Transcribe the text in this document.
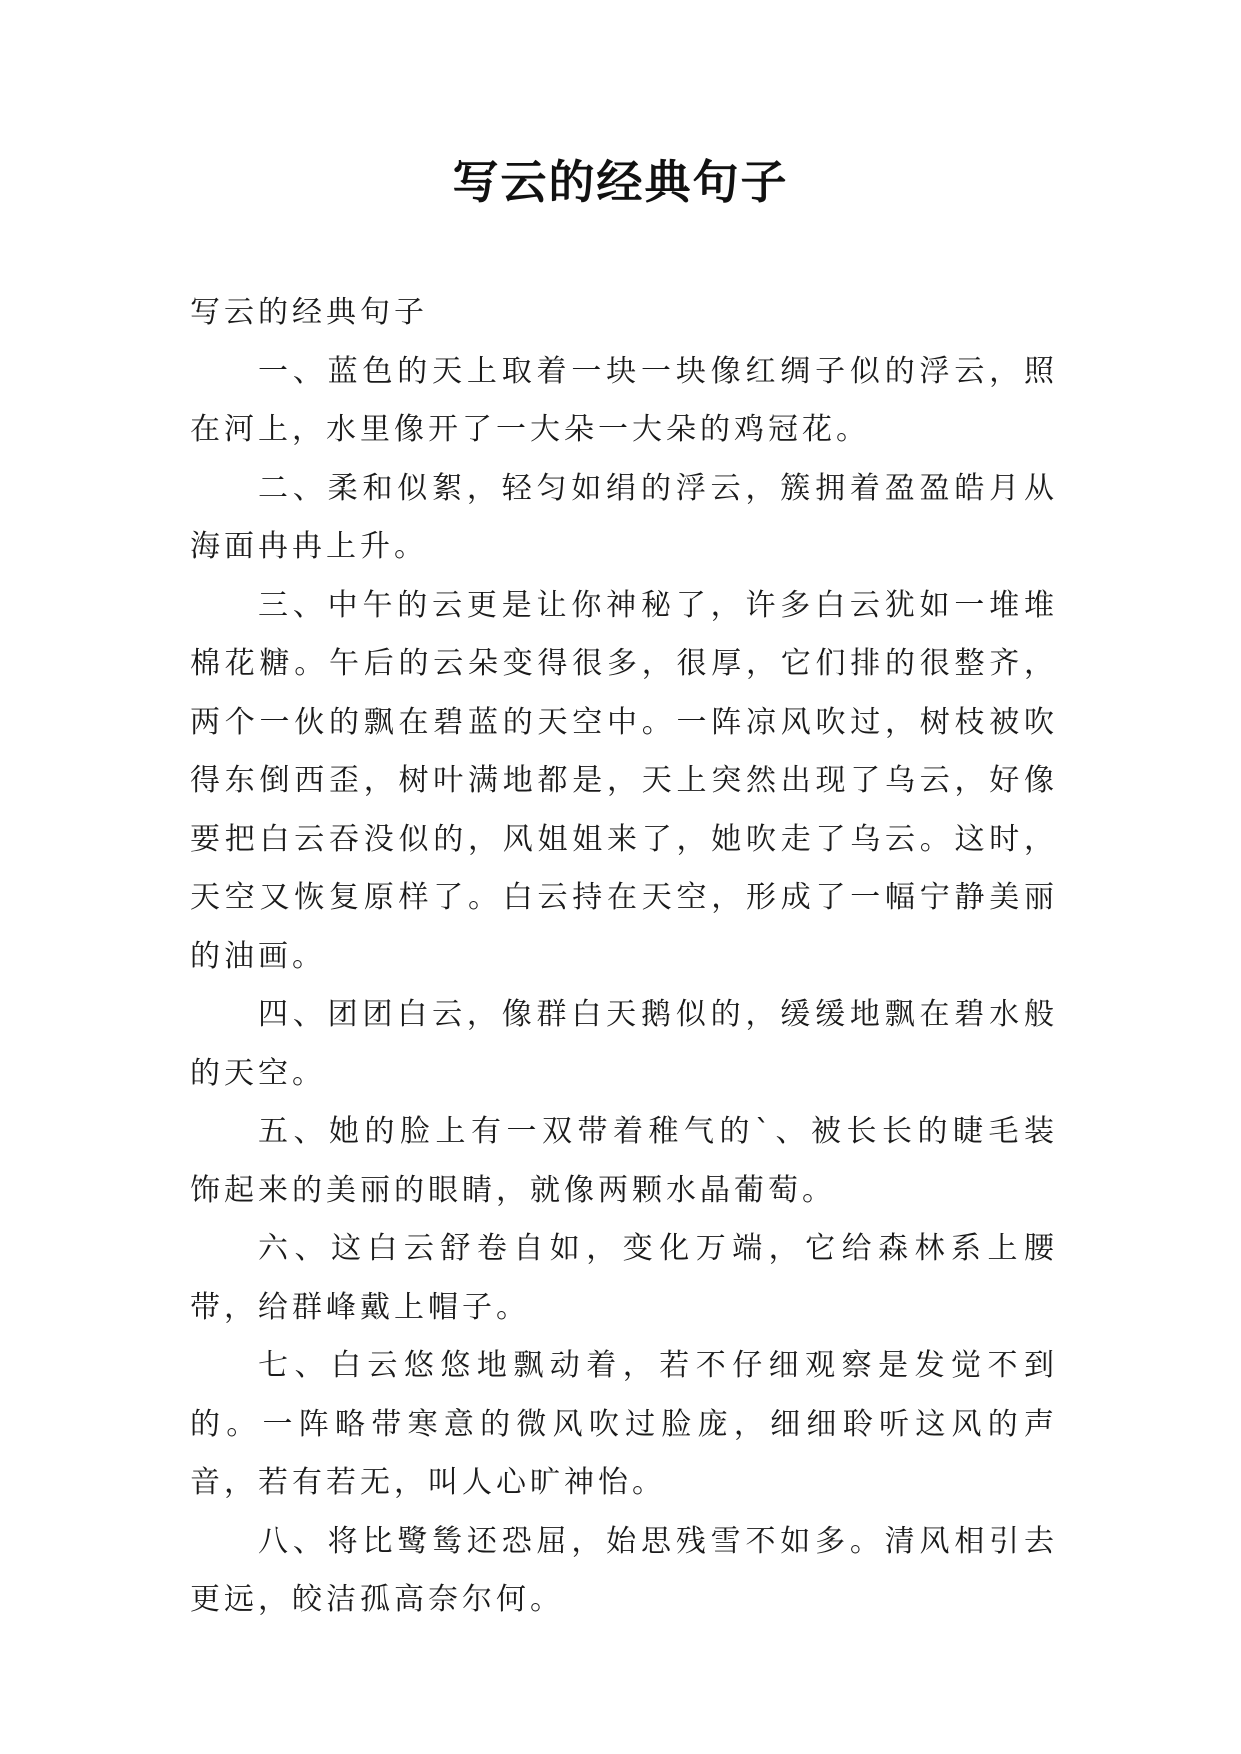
写云的经典句子

写云的经典句子

一、蓝色的天上取着一块一块像红绸子似的浮云，照在河上，水里像开了一大朵一大朵的鸡冠花。

二、柔和似絮，轻匀如绢的浮云，簇拥着盈盈皓月从海面冉冉上升。

三、中午的云更是让你神秘了，许多白云犹如一堆堆棉花糖。午后的云朵变得很多，很厚，它们排的很整齐，两个一伙的飘在碧蓝的天空中。一阵凉风吹过，树枝被吹得东倒西歪，树叶满地都是，天上突然出现了乌云，好像要把白云吞没似的，风姐姐来了，她吹走了乌云。这时，天空又恢复原样了。白云持在天空，形成了一幅宁静美丽的油画。

四、团团白云，像群白天鹅似的，缓缓地飘在碧水般的天空。

五、她的脸上有一双带着稚气的`、被长长的睫毛装饰起来的美丽的眼睛，就像两颗水晶葡萄。

六、这白云舒卷自如，变化万端，它给森林系上腰带，给群峰戴上帽子。

七、白云悠悠地飘动着，若不仔细观察是发觉不到的。一阵略带寒意的微风吹过脸庞，细细聆听这风的声音，若有若无，叫人心旷神怡。

八、将比鹭鸶还恐屈，始思残雪不如多。清风相引去更远，皎洁孤高奈尔何。
